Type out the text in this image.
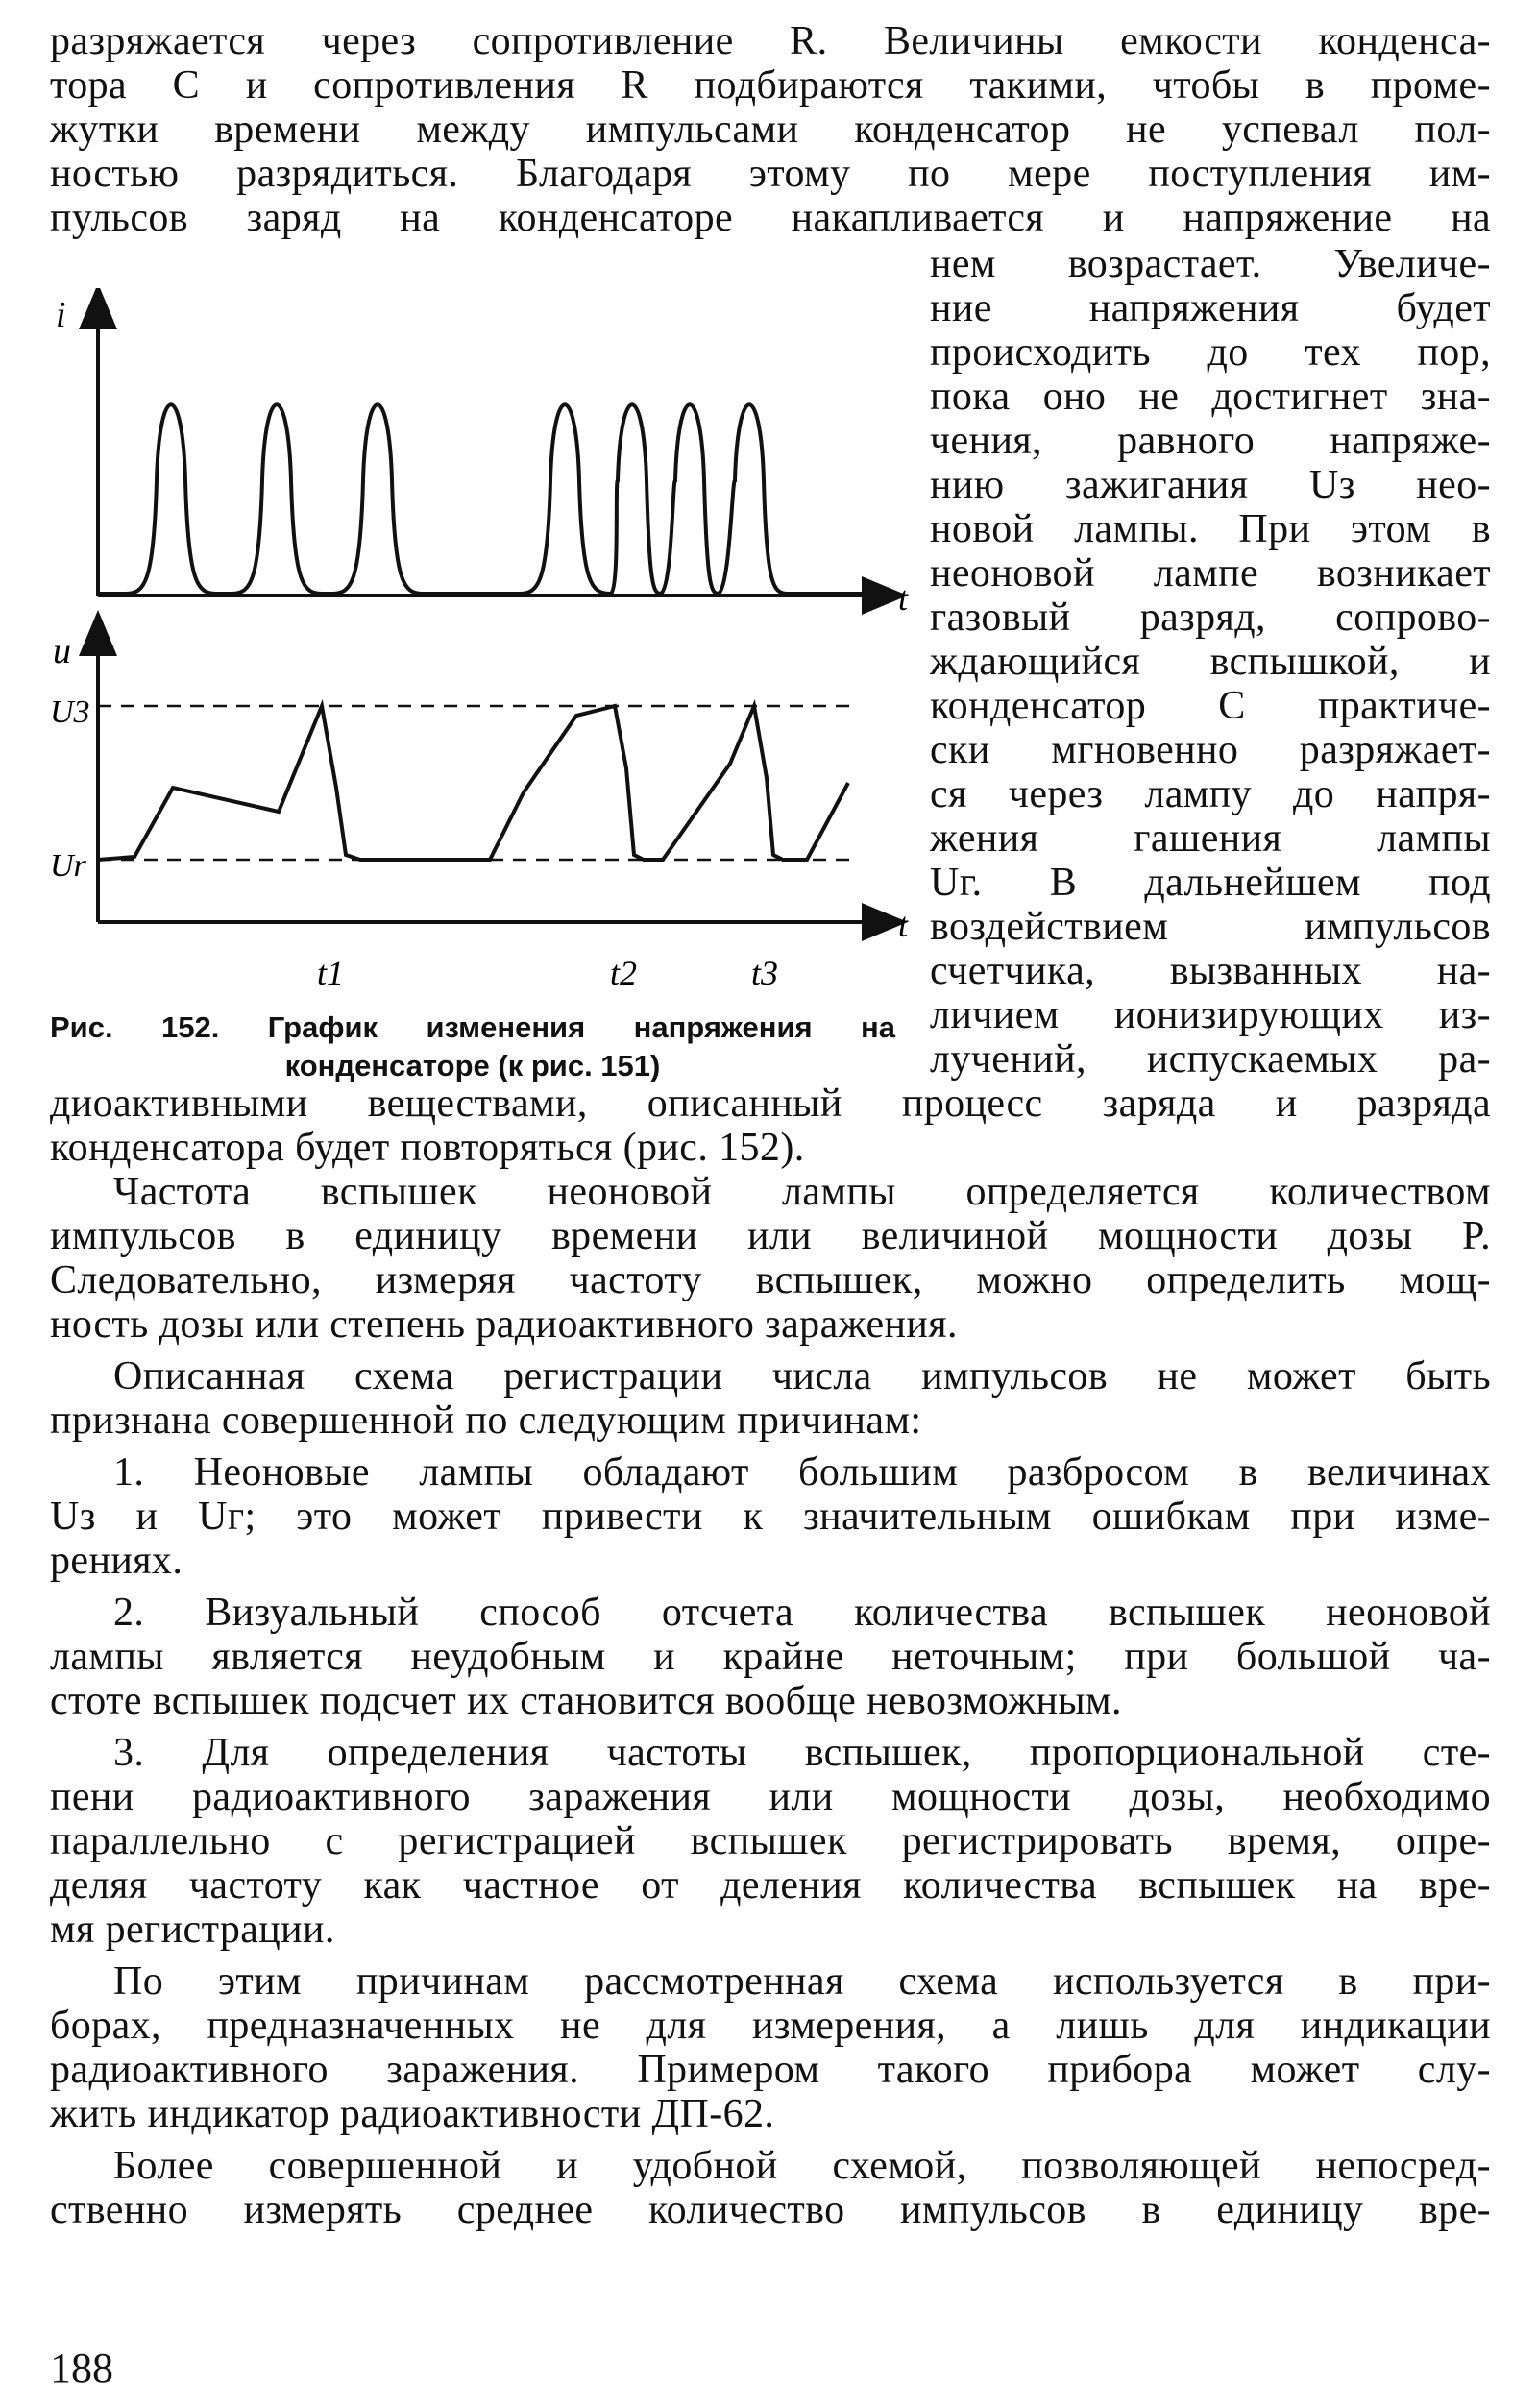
разряжается через сопротивление R. Величины емкости конденса-
тора С и сопротивления R подбираются такими, чтобы в проме-
жутки времени между импульсами конденсатор не успевал пол-
ностью разрядиться. Благодаря этому по мере поступления им-
пульсов заряд на конденсаторе накапливается и напряжение на
нем возрастает. Увеличе-
ние напряжения будет
происходить до тех пор,
пока оно не достигнет зна-
чения, равного напряже-
нию зажигания Uз нео-
новой лампы. При этом в
неоновой лампе возникает
газовый разряд, сопрово-
ждающийся вспышкой, и
конденсатор С практиче-
ски мгновенно разряжает-
ся через лампу до напря-
жения гашения лампы
Uг. В дальнейшем под
воздействием импульсов
счетчика, вызванных на-
личием ионизирующих из-
лучений, испускаемых ра-
i
t
u
U3
Ur
t
t1	t2	t3
Рис. 152. График изменения напряжения на
конденсаторе (к рис. 151)
диоактивными веществами, описанный процесс заряда и разряда
конденсатора будет повторяться (рис. 152).
Частота вспышек неоновой лампы определяется количеством
импульсов в единицу времени или величиной мощности дозы P.
Следовательно, измеряя частоту вспышек, можно определить мощ-
ность дозы или степень радиоактивного заражения.
Описанная схема регистрации числа импульсов не может быть
признана совершенной по следующим причинам:
1. Неоновые лампы обладают большим разбросом в величинах
Uз и Uг; это может привести к значительным ошибкам при изме-
рениях.
2. Визуальный способ отсчета количества вспышек неоновой
лампы является неудобным и крайне неточным; при большой ча-
стоте вспышек подсчет их становится вообще невозможным.
3. Для определения частоты вспышек, пропорциональной сте-
пени радиоактивного заражения или мощности дозы, необходимо
параллельно с регистрацией вспышек регистрировать время, опре-
деляя частоту как частное от деления количества вспышек на вре-
мя регистрации.
По этим причинам рассмотренная схема используется в при-
борах, предназначенных не для измерения, а лишь для индикации
радиоактивного заражения. Примером такого прибора может слу-
жить индикатор радиоактивности ДП-62.
Более совершенной и удобной схемой, позволяющей непосред-
ственно измерять среднее количество импульсов в единицу вре-
188
